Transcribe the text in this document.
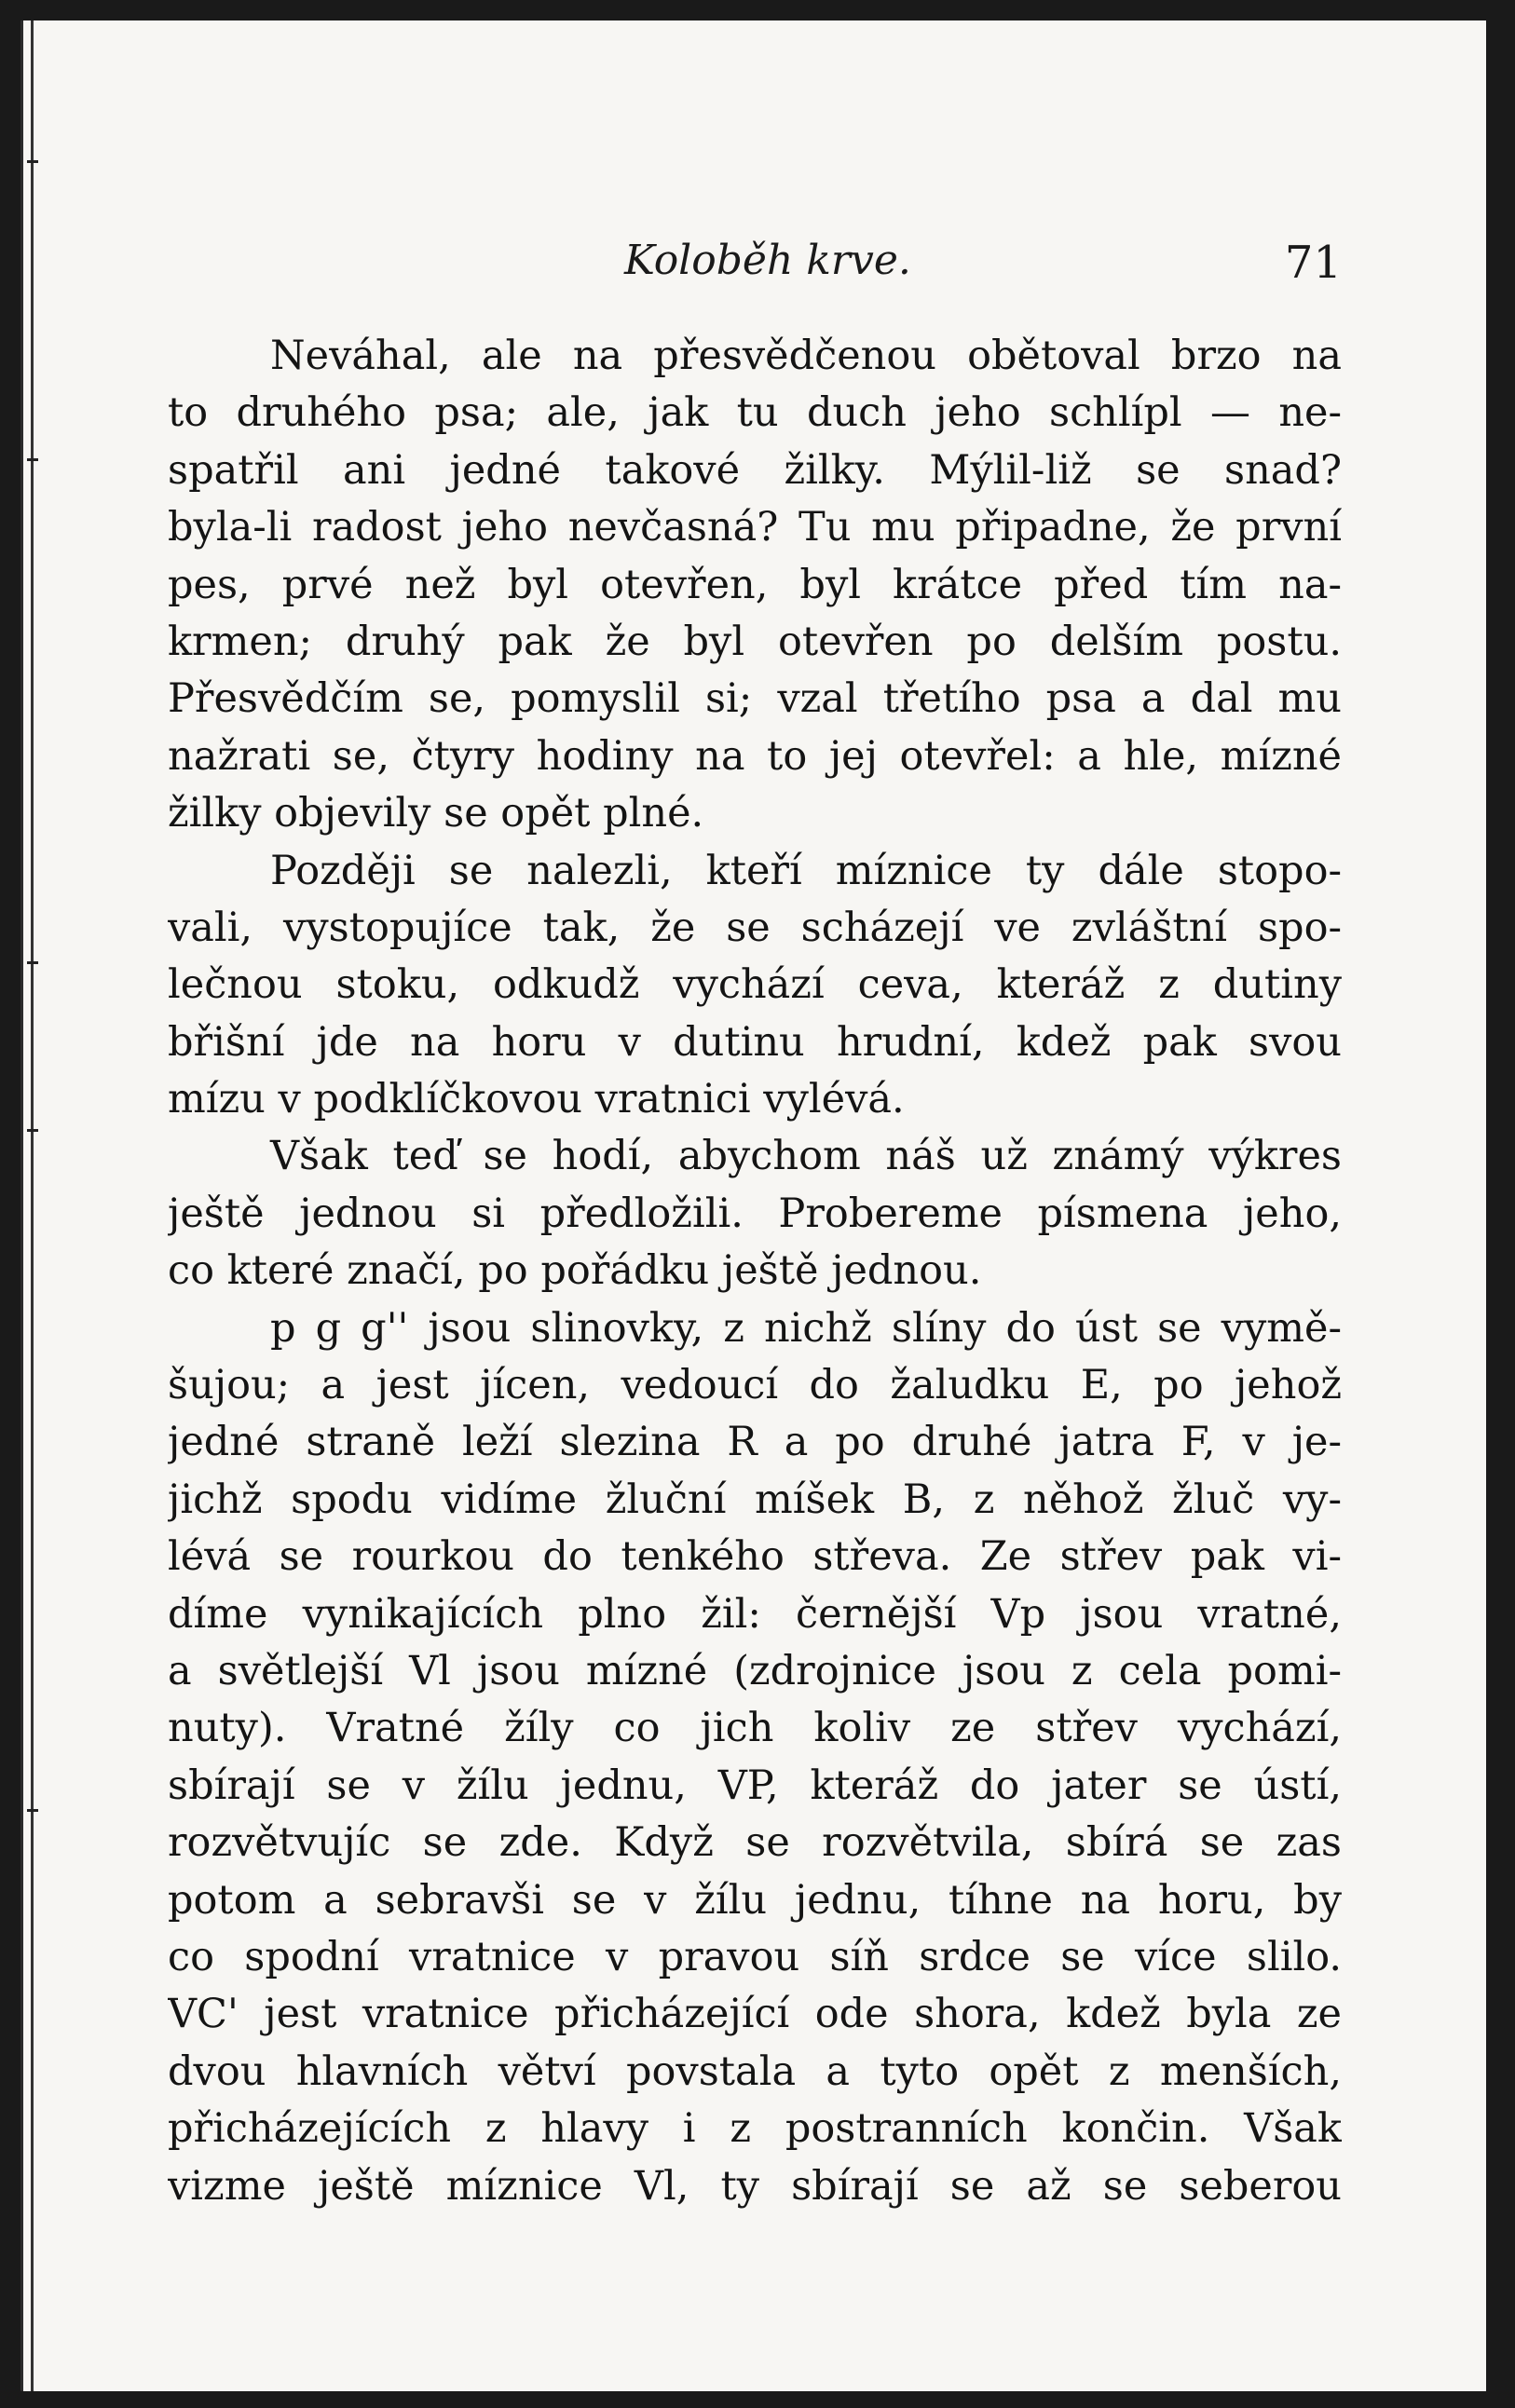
Koloběh krve.	71
Neváhal, ale na přesvědčenou obětoval brzo na
to druhého psa; ale, jak tu duch jeho schlípl — ne-
spatřil ani jedné takové žilky. Mýlil-liž se snad?
byla-li radost jeho nevčasná? Tu mu připadne, že první
pes, prvé než byl otevřen, byl krátce před tím na-
krmen; druhý pak že byl otevřen po delším postu.
Přesvědčím se, pomyslil si; vzal třetího psa a dal mu
nažrati se, čtyry hodiny na to jej otevřel: a hle, mízné
žilky objevily se opět plné.
Později se nalezli, kteří míznice ty dále stopo-
vali, vystopujíce tak, že se scházejí ve zvláštní spo-
lečnou stoku, odkudž vychází ceva, kteráž z dutiny
břišní jde na horu v dutinu hrudní, kdež pak svou
mízu v podklíčkovou vratnici vylévá.
Však teď se hodí, abychom náš už známý výkres
ještě jednou si předložili. Probereme písmena jeho,
co které značí, po pořádku ještě jednou.
p g g'' jsou slinovky, z nichž slíny do úst se vymě-
šujou; a jest jícen, vedoucí do žaludku E, po jehož
jedné straně leží slezina R a po druhé jatra F, v je-
jichž spodu vidíme žluční míšek B, z něhož žluč vy-
lévá se rourkou do tenkého střeva. Ze střev pak vi-
díme vynikajících plno žil: černější Vp jsou vratné,
a světlejší Vl jsou mízné (zdrojnice jsou z cela pomi-
nuty). Vratné žíly co jich koliv ze střev vychází,
sbírají se v žílu jednu, VP, kteráž do jater se ústí,
rozvětvujíc se zde. Když se rozvětvila, sbírá se zas
potom a sebravši se v žílu jednu, tíhne na horu, by
co spodní vratnice v pravou síň srdce se více slilo.
VC' jest vratnice přicházející ode shora, kdež byla ze
dvou hlavních větví povstala a tyto opět z menších,
přicházejících z hlavy i z postranních končin. Však
vizme ještě míznice Vl, ty sbírají se až se seberou
